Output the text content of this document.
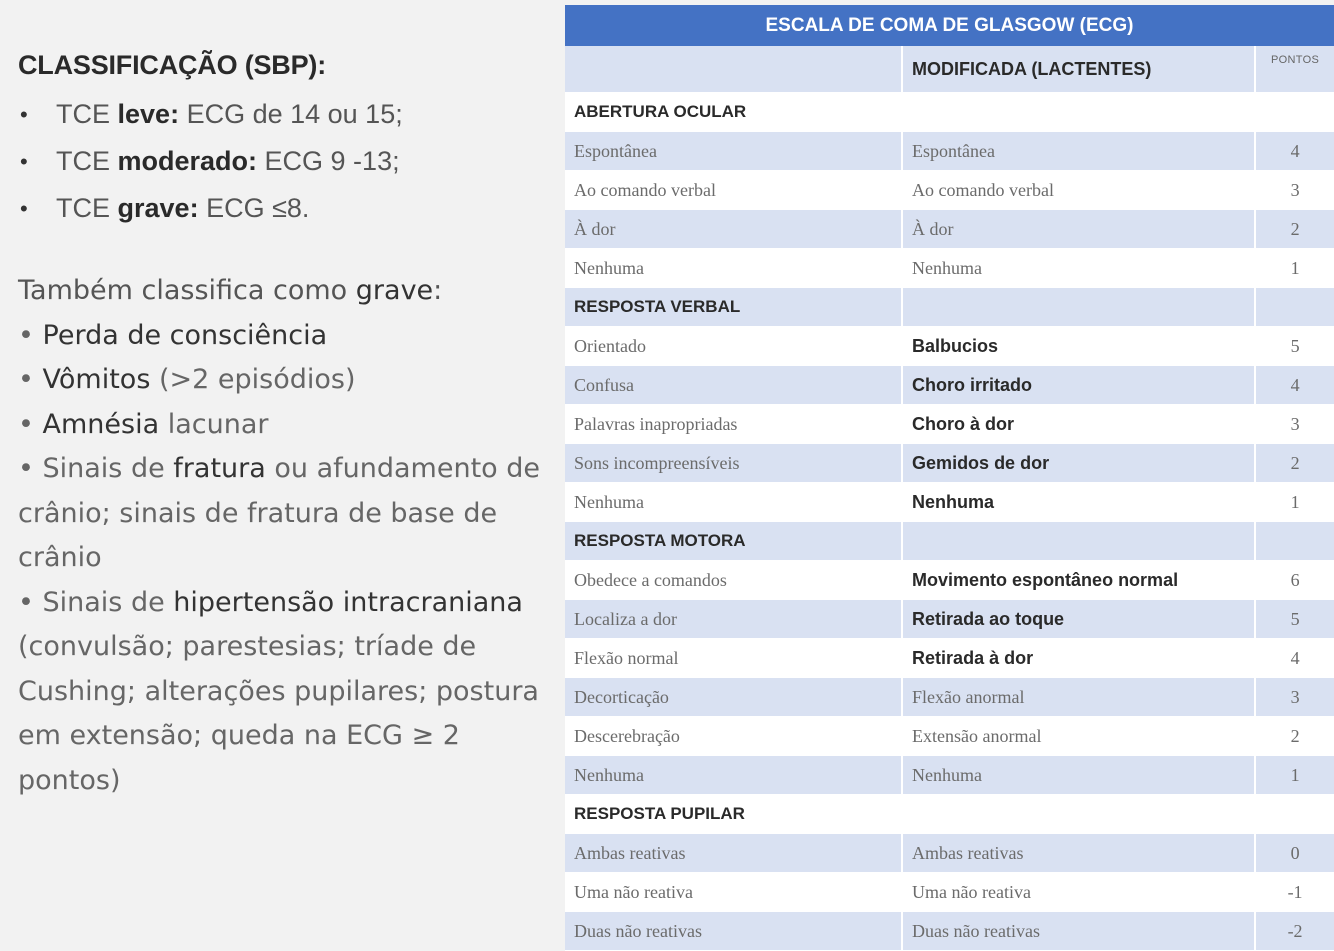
CLASSIFICAÇÃO (SBP):
• TCE leve: ECG de 14 ou 15;
• TCE moderado: ECG 9 -13;
• TCE grave: ECG ≤8.
Também classifica como grave:
• Perda de consciência
• Vômitos (>2 episódios)
• Amnésia lacunar
• Sinais de fratura ou afundamento de crânio; sinais de fratura de base de crânio
• Sinais de hipertensão intracraniana (convulsão; parestesias; tríade de Cushing; alterações pupilares; postura em extensão; queda na ECG ≥ 2 pontos)
ESCALA DE COMA DE GLASGOW (ECG)
	MODIFICADA (LACTENTES)	PONTOS
ABERTURA OCULAR		
Espontânea	Espontânea	4
Ao comando verbal	Ao comando verbal	3
À dor	À dor	2
Nenhuma	Nenhuma	1
RESPOSTA VERBAL		
Orientado	Balbucios	5
Confusa	Choro irritado	4
Palavras inapropriadas	Choro à dor	3
Sons incompreensíveis	Gemidos de dor	2
Nenhuma	Nenhuma	1
RESPOSTA MOTORA		
Obedece a comandos	Movimento espontâneo normal	6
Localiza a dor	Retirada ao toque	5
Flexão normal	Retirada à dor	4
Decorticação	Flexão anormal	3
Descerebração	Extensão anormal	2
Nenhuma	Nenhuma	1
RESPOSTA PUPILAR		
Ambas reativas	Ambas reativas	0
Uma não reativa	Uma não reativa	-1
Duas não reativas	Duas não reativas	-2
